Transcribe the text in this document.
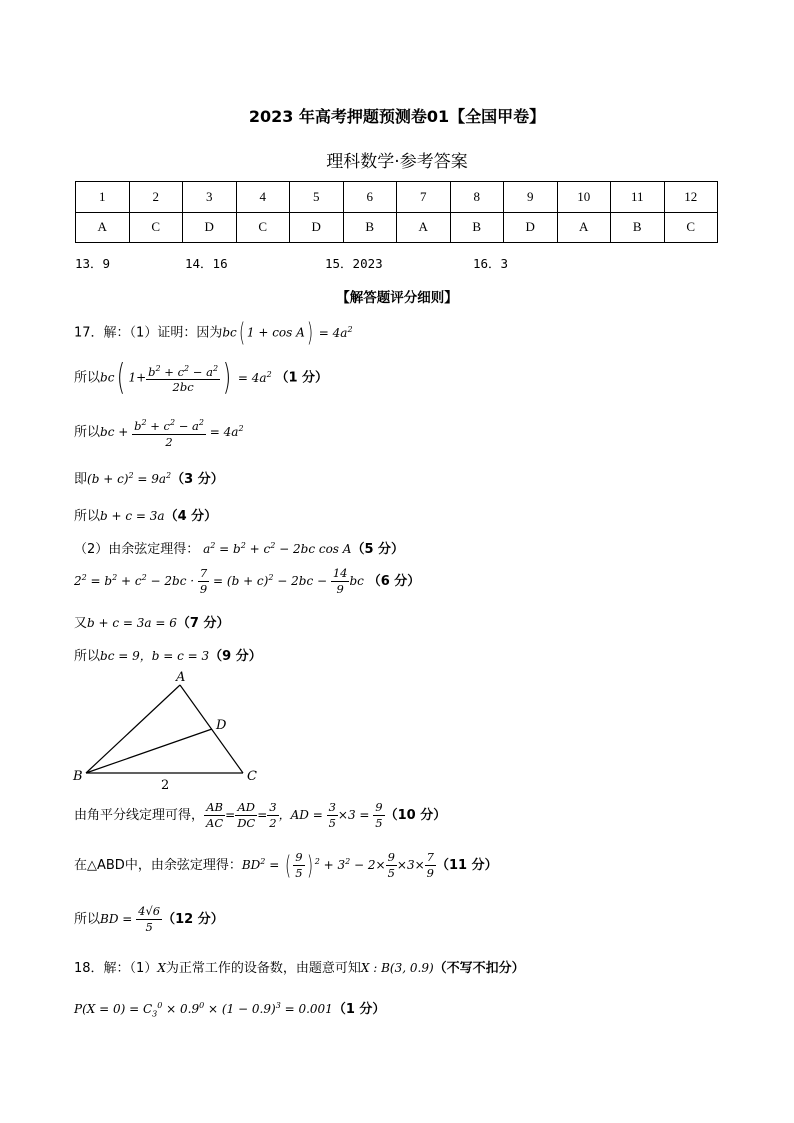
2023 年高考押题预测卷01【全国甲卷】
理科数学·参考答案
1	2	3	4	5	6	7	8	9	10	11	12
A	C	D	C	D	B	A	B	D	A	B	C
13．9	14．16	15．2023	16．3
【解答题评分细则】
17．解：（1）证明：因为bc( $1 + \cos A) = 4a^2$
所以bc( $1+ \frac{b^2 + c^2 - a^2}{2bc}$ ) = $4a^2$ （1 分）
所以bc + $\frac{b^2 + c^2 - a^2}{2} = 4a^2$
即$(b + c)^2 = 9a^2(3$ 分）
所以b + c = 3a（4 分）
（2）由余弦定理得： $a^2 = b^2 + c^2 - 2bc$ cos A（5 分）
$2^2 = b^2 + c^2 - 2bc \cdot \frac{7}{9} = (b + c)^2 - 2bc - \frac{14}{9}$ bc （6 分）
又b + c = 3a = 6（7 分）
所以bc = 9，b = c = 3（9 分）
A
B	C
D
2
由角平分线定理可得， $\frac{AB}{AC} = \frac{AD}{DC} = \frac{3}{2}$ ，AD = $\frac{3}{5} \times 3 = \frac{9}{5} (10$ 分）
在△ABD中，由余弦定理得：$BD^2$ = ( $\frac{9}{5}$ ) $^2 + 3^2 - 2\times \frac{9}{5} \times 3\times \frac{7}{9} (11$ 分）
所以BD = $\frac{4√6}{5} (12$ 分）
18．解：（1）X为正常工作的设备数，由题意可知X : B(3, 0.9)（不写不扣分）
$P(X = 0) = C_3^0 \times 0.9^0 \times (1 - 0.9)^3 = 0.001(1$ 分）
